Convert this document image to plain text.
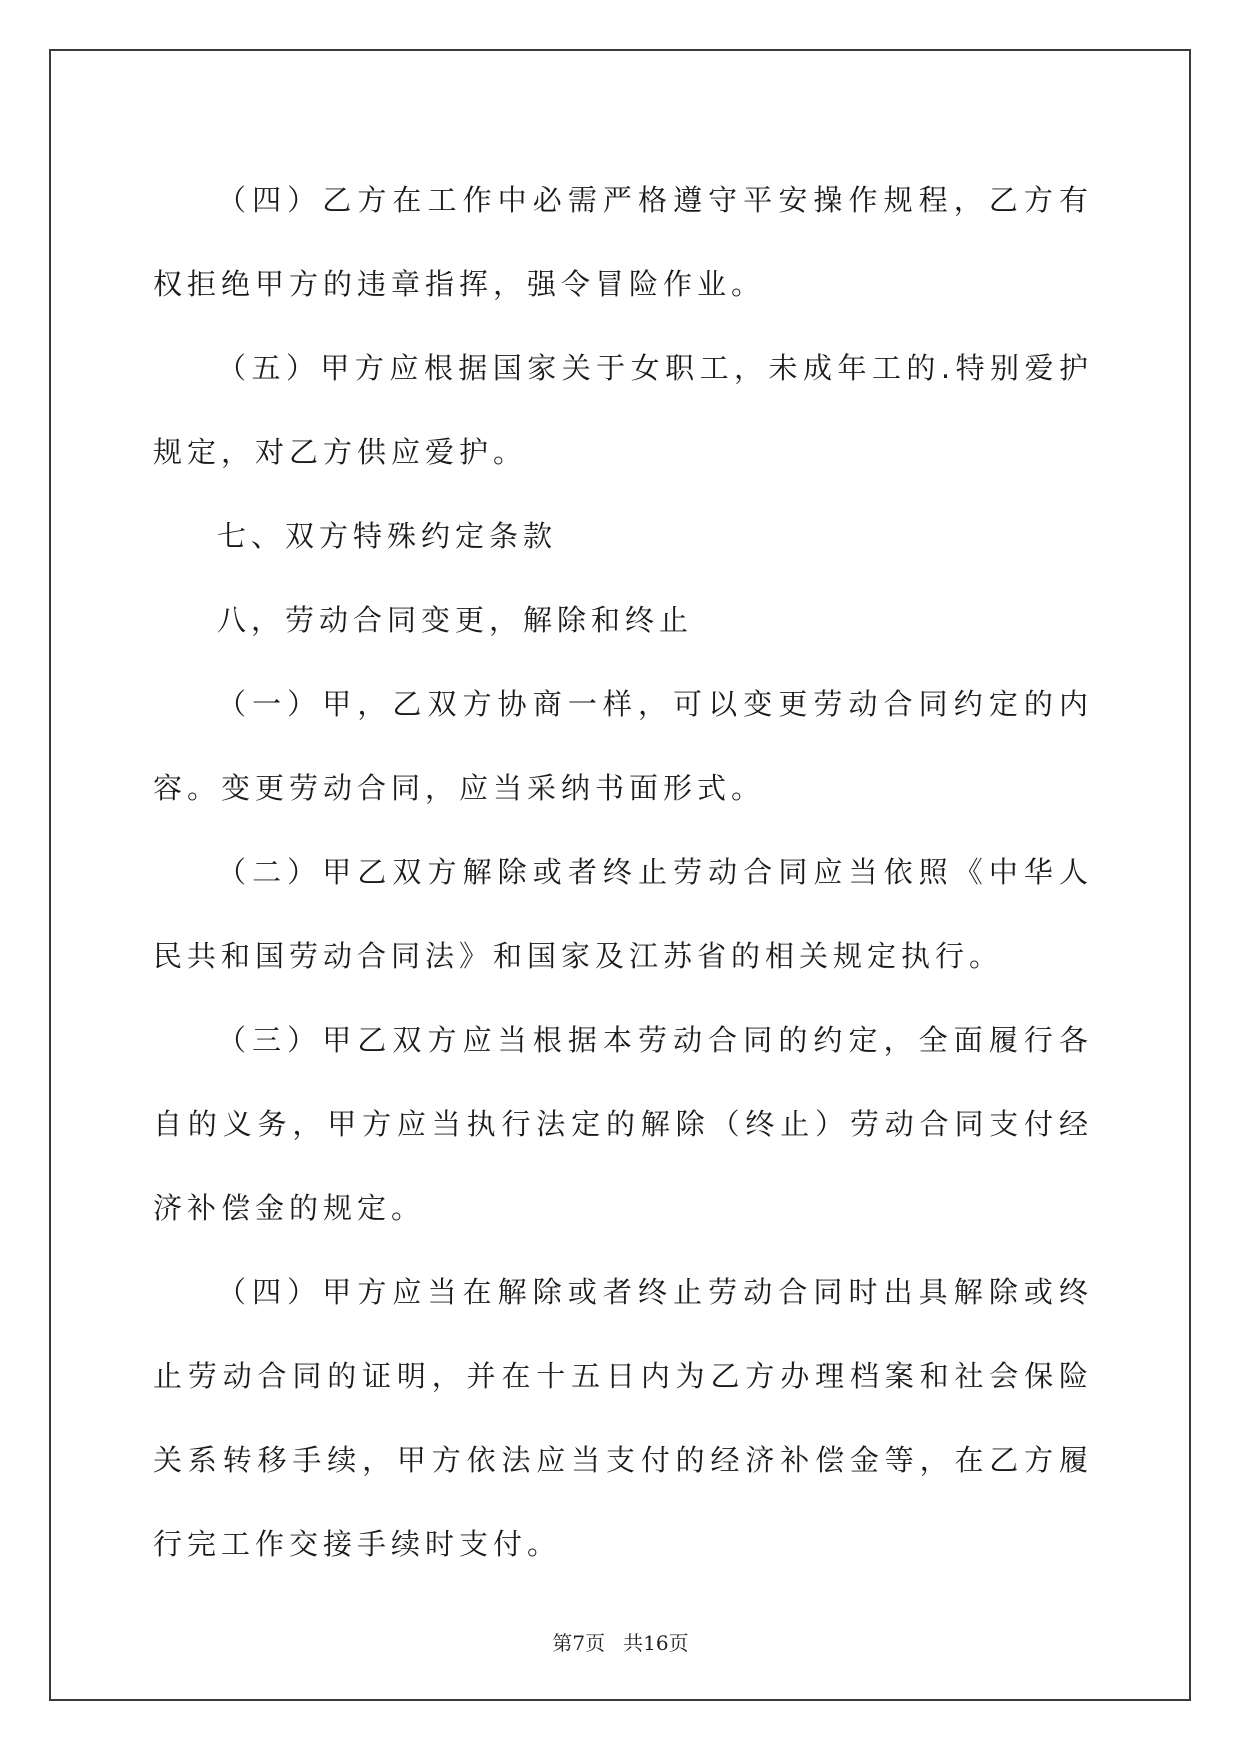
（四）乙方在工作中必需严格遵守平安操作规程，乙方有权拒绝甲方的违章指挥，强令冒险作业。

（五）甲方应根据国家关于女职工，未成年工的.特别爱护规定，对乙方供应爱护。

七、双方特殊约定条款

八，劳动合同变更，解除和终止

（一）甲，乙双方协商一样，可以变更劳动合同约定的内容。变更劳动合同，应当采纳书面形式。

（二）甲乙双方解除或者终止劳动合同应当依照《中华人民共和国劳动合同法》和国家及江苏省的相关规定执行。

（三）甲乙双方应当根据本劳动合同的约定，全面履行各自的义务，甲方应当执行法定的解除（终止）劳动合同支付经济补偿金的规定。

（四）甲方应当在解除或者终止劳动合同时出具解除或终止劳动合同的证明，并在十五日内为乙方办理档案和社会保险关系转移手续，甲方依法应当支付的经济补偿金等，在乙方履行完工作交接手续时支付。

第7页 共16页
